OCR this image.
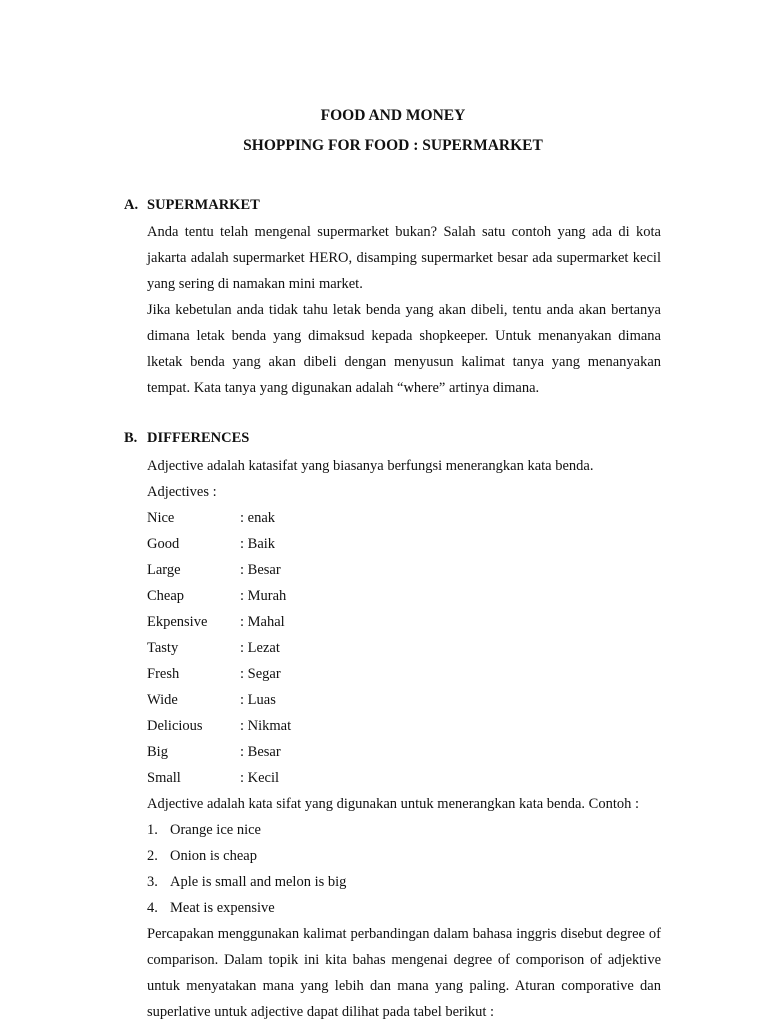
FOOD AND MONEY
SHOPPING FOR FOOD : SUPERMARKET
A. SUPERMARKET

Anda tentu telah mengenal supermarket bukan? Salah satu contoh yang ada di kota jakarta adalah supermarket HERO, disamping supermarket besar ada supermarket kecil yang sering di namakan mini market.

Jika kebetulan anda tidak tahu letak benda yang akan dibeli, tentu anda akan bertanya dimana letak benda yang dimaksud kepada shopkeeper. Untuk menanyakan dimana lketak benda yang akan dibeli dengan menyusun kalimat tanya yang menanyakan tempat. Kata tanya yang digunakan adalah “where” artinya dimana.

B. DIFFERENCES

Adjective adalah katasifat yang biasanya berfungsi menerangkan kata benda.

Adjectives :

Nice	: enak
Good	: Baik
Large	: Besar
Cheap	: Murah
Ekpensive : Mahal
Tasty	: Lezat
Fresh	: Segar
Wide	: Luas
Delicious	: Nikmat
Big	: Besar
Small	: Kecil

Adjective adalah kata sifat yang digunakan untuk menerangkan kata benda. Contoh :

1. Orange ice nice
2. Onion is cheap
3. Aple is small and melon is big
4. Meat is expensive

Percapakan menggunakan kalimat perbandingan dalam bahasa inggris disebut degree of comparison. Dalam topik ini kita bahas mengenai degree of comporison of adjektive untuk menyatakan mana yang lebih dan mana yang paling. Aturan comporative dan superlative untuk adjective dapat dilihat pada tabel berikut :
